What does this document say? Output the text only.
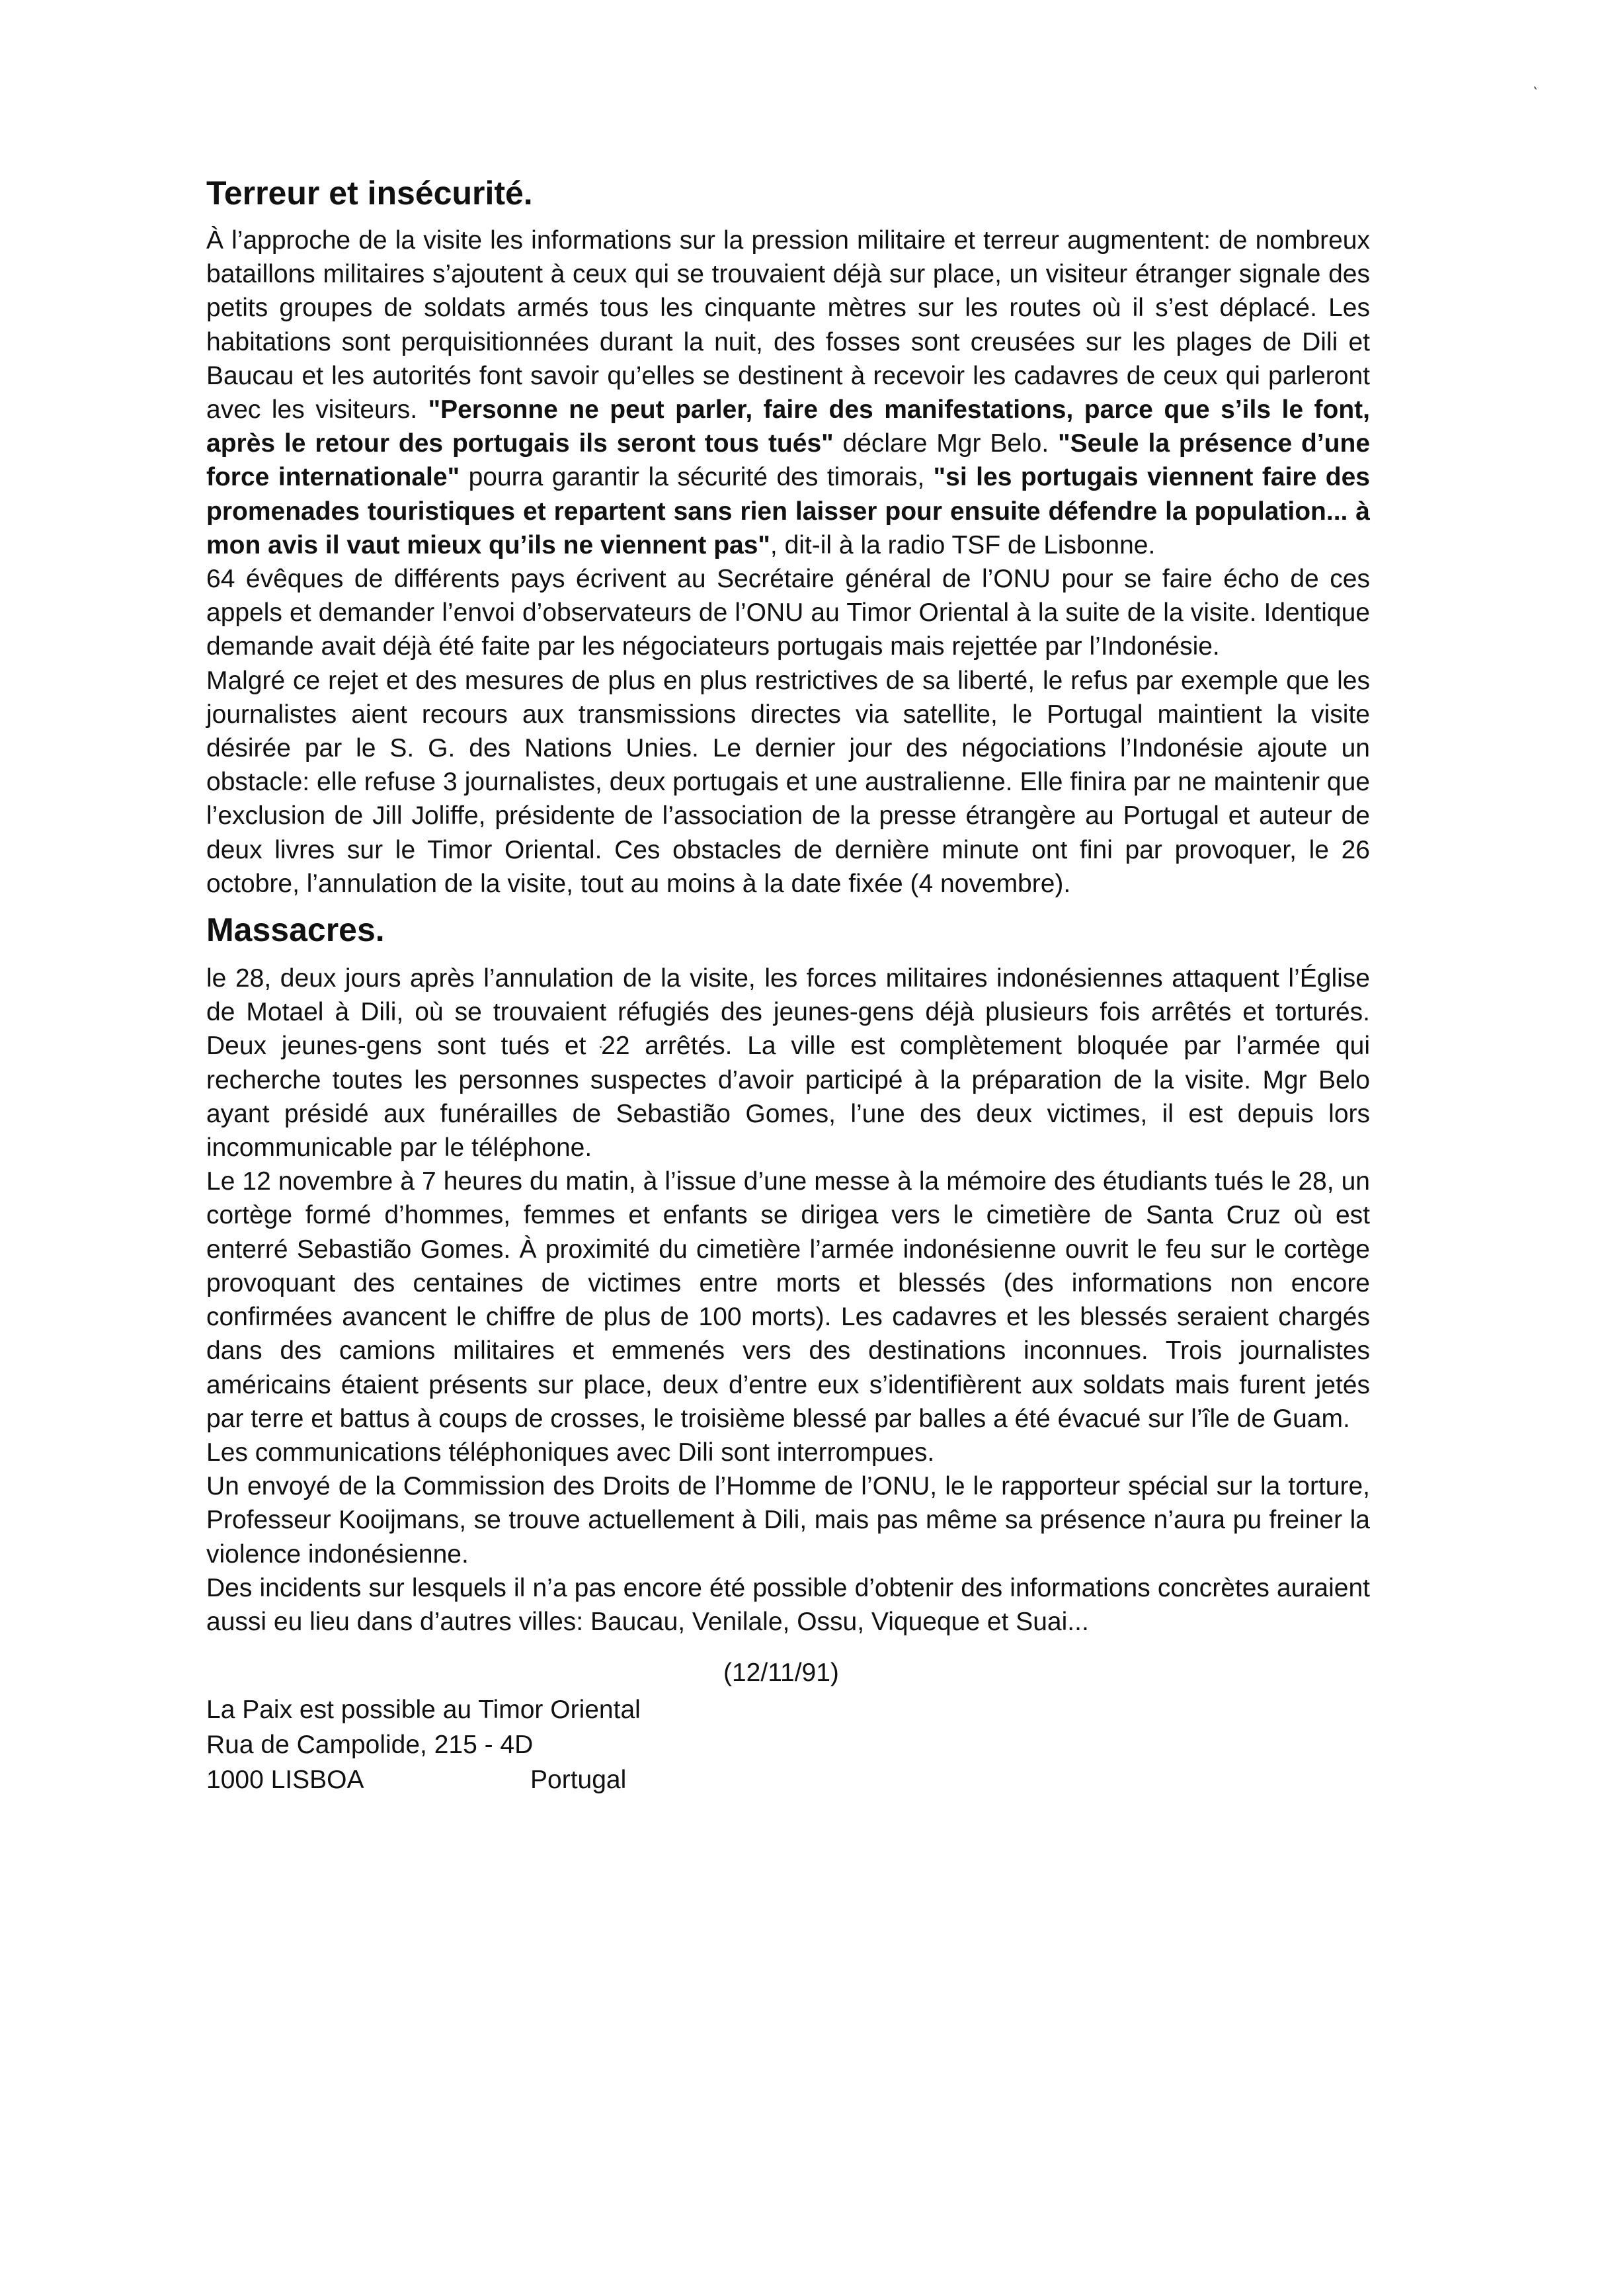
Terreur et insécurité.

À l’approche de la visite les informations sur la pression militaire et terreur augmentent: de nombreux bataillons militaires s’ajoutent à ceux qui se trouvaient déjà sur place, un visiteur étranger signale des petits groupes de soldats armés tous les cinquante mètres sur les routes où il s’est déplacé. Les habitations sont perquisitionnées durant la nuit, des fosses sont creusées sur les plages de Dili et Baucau et les autorités font savoir qu’elles se destinent à recevoir les cadavres de ceux qui parleront avec les visiteurs. "Personne ne peut parler, faire des manifestations, parce que s’ils le font, après le retour des portugais ils seront tous tués" déclare Mgr Belo. "Seule la présence d’une force internationale" pourra garantir la sécurité des timorais, "si les portugais viennent faire des promenades touristiques et repartent sans rien laisser pour ensuite défendre la population... à mon avis il vaut mieux qu’ils ne viennent pas", dit-il à la radio TSF de Lisbonne.

64 évêques de différents pays écrivent au Secrétaire général de l’ONU pour se faire écho de ces appels et demander l’envoi d’observateurs de l’ONU au Timor Oriental à la suite de la visite. Identique demande avait déjà été faite par les négociateurs portugais mais rejettée par l’Indonésie.

Malgré ce rejet et des mesures de plus en plus restrictives de sa liberté, le refus par exemple que les journalistes aient recours aux transmissions directes via satellite, le Portugal maintient la visite désirée par le S. G. des Nations Unies. Le dernier jour des négociations l’Indonésie ajoute un obstacle: elle refuse 3 journalistes, deux portugais et une australienne. Elle finira par ne maintenir que l’exclusion de Jill Joliffe, présidente de l’association de la presse étrangère au Portugal et auteur de deux livres sur le Timor Oriental. Ces obstacles de dernière minute ont fini par provoquer, le 26 octobre, l’annulation de la visite, tout au moins à la date fixée (4 novembre).

Massacres.

le 28, deux jours après l’annulation de la visite, les forces militaires indonésiennes attaquent l’Église de Motael à Dili, où se trouvaient réfugiés des jeunes-gens déjà plusieurs fois arrêtés et torturés. Deux jeunes-gens sont tués et 22 arrêtés. La ville est complètement bloquée par l’armée qui recherche toutes les personnes suspectes d’avoir participé à la préparation de la visite. Mgr Belo ayant présidé aux funérailles de Sebastião Gomes, l’une des deux victimes, il est depuis lors incommunicable par le téléphone.

Le 12 novembre à 7 heures du matin, à l’issue d’une messe à la mémoire des étudiants tués le 28, un cortège formé d’hommes, femmes et enfants se dirigea vers le cimetière de Santa Cruz où est enterré Sebastião Gomes. À proximité du cimetière l’armée indonésienne ouvrit le feu sur le cortège provoquant des centaines de victimes entre morts et blessés (des informations non encore confirmées avancent le chiffre de plus de 100 morts). Les cadavres et les blessés seraient chargés dans des camions militaires et emmenés vers des destinations inconnues. Trois journalistes américains étaient présents sur place, deux d’entre eux s’identifièrent aux soldats mais furent jetés par terre et battus à coups de crosses, le troisième blessé par balles a été évacué sur l’île de Guam.

Les communications téléphoniques avec Dili sont interrompues.

Un envoyé de la Commission des Droits de l’Homme de l’ONU, le le rapporteur spécial sur la torture, Professeur Kooijmans, se trouve actuellement à Dili, mais pas même sa présence n’aura pu freiner la violence indonésienne.

Des incidents sur lesquels il n’a pas encore été possible d’obtenir des informations concrètes auraient aussi eu lieu dans d’autres villes: Baucau, Venilale, Ossu, Viqueque et Suai...

(12/11/91)
La Paix est possible au Timor Oriental
Rua de Campolide, 215 - 4D
1000 LISBOA	Portugal
